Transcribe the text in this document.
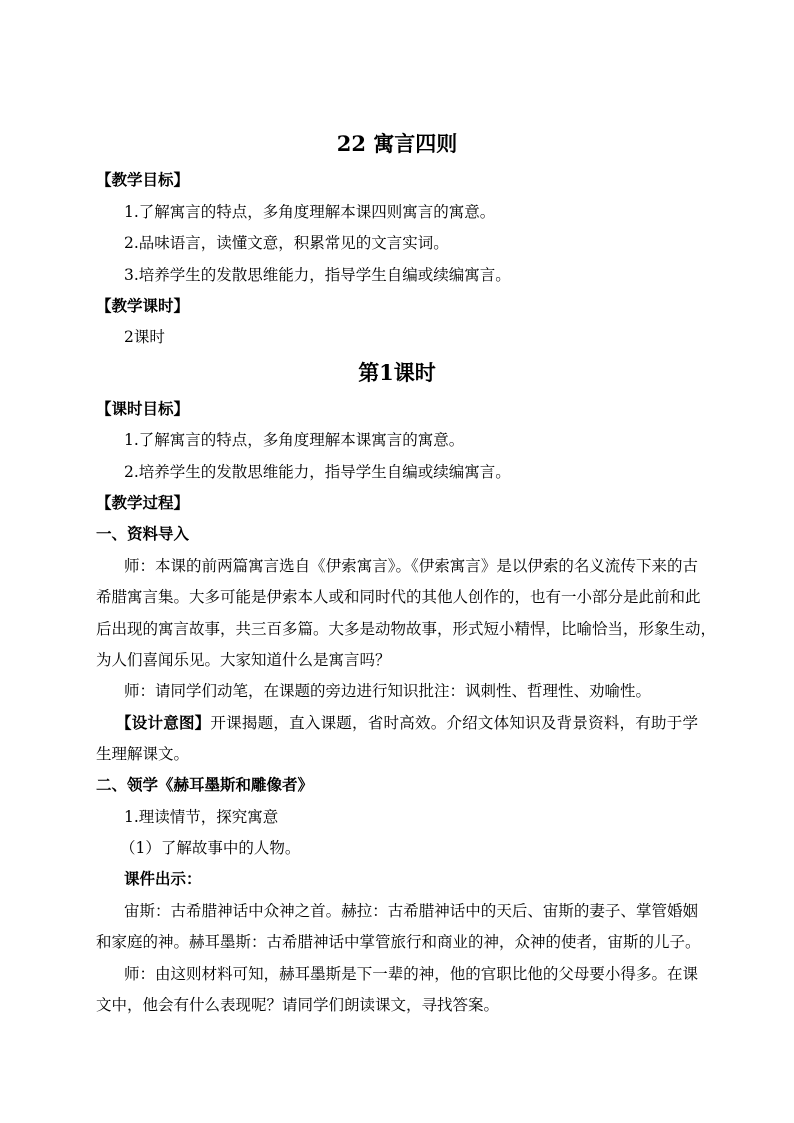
22 寓言四则
【教学目标】
1.了解寓言的特点，多角度理解本课四则寓言的寓意。
2.品味语言，读懂文意，积累常见的文言实词。
3.培养学生的发散思维能力，指导学生自编或续编寓言。
【教学课时】
2课时
第1课时
【课时目标】
1.了解寓言的特点，多角度理解本课寓言的寓意。
2.培养学生的发散思维能力，指导学生自编或续编寓言。
【教学过程】
一、资料导入
师：本课的前两篇寓言选自《伊索寓言》。《伊索寓言》是以伊索的名义流传下来的古
希腊寓言集。大多可能是伊索本人或和同时代的其他人创作的，也有一小部分是此前和此
后出现的寓言故事，共三百多篇。大多是动物故事，形式短小精悍，比喻恰当，形象生动，
为人们喜闻乐见。大家知道什么是寓言吗？
师：请同学们动笔，在课题的旁边进行知识批注：讽刺性、哲理性、劝喻性。
【设计意图】开课揭题，直入课题，省时高效。介绍文体知识及背景资料，有助于学
生理解课文。
二、领学《赫耳墨斯和雕像者》
1.理读情节，探究寓意
（1）了解故事中的人物。
课件出示：
宙斯：古希腊神话中众神之首。赫拉：古希腊神话中的天后、宙斯的妻子、掌管婚姻
和家庭的神。赫耳墨斯：古希腊神话中掌管旅行和商业的神，众神的使者，宙斯的儿子。
师：由这则材料可知，赫耳墨斯是下一辈的神，他的官职比他的父母要小得多。在课
文中，他会有什么表现呢？请同学们朗读课文，寻找答案。
